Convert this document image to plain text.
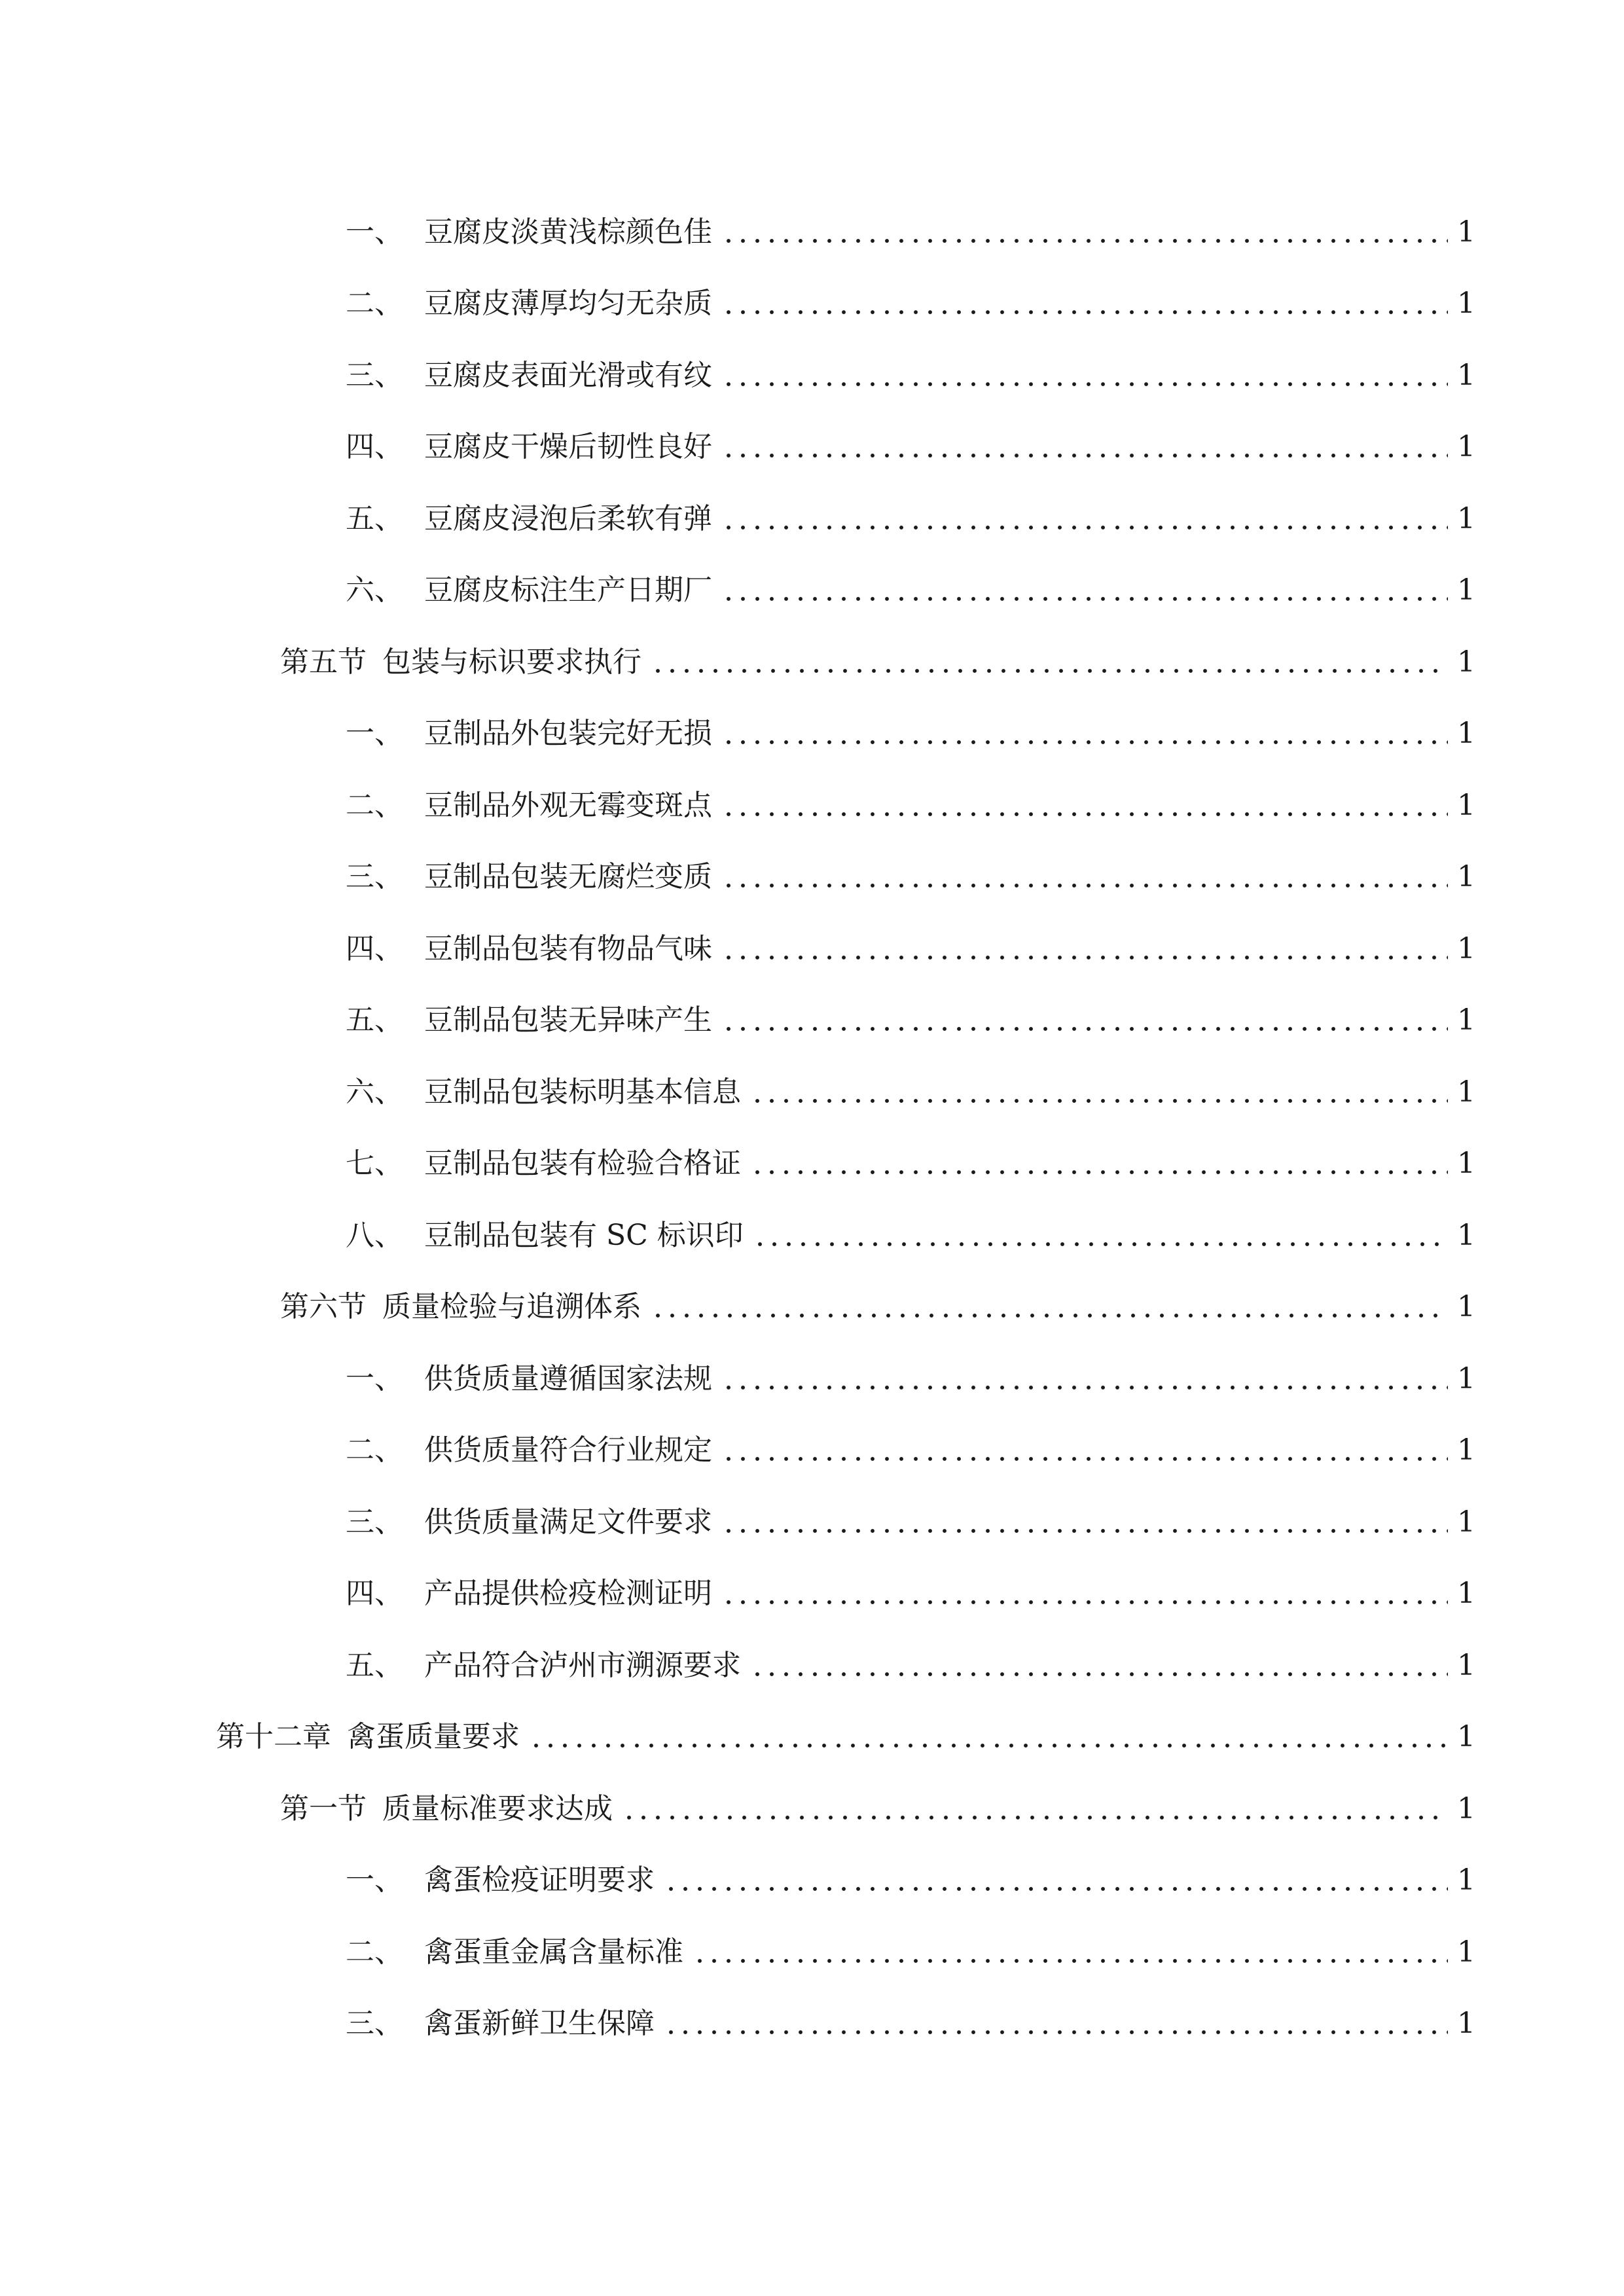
一、 豆腐皮淡黄浅棕颜色佳	1
二、 豆腐皮薄厚均匀无杂质	1
三、 豆腐皮表面光滑或有纹	1
四、 豆腐皮干燥后韧性良好	1
五、 豆腐皮浸泡后柔软有弹	1
六、 豆腐皮标注生产日期厂	1
第五节 包装与标识要求执行	1
一、 豆制品外包装完好无损	1
二、 豆制品外观无霉变斑点	1
三、 豆制品包装无腐烂变质	1
四、 豆制品包装有物品气味	1
五、 豆制品包装无异味产生	1
六、 豆制品包装标明基本信息	1
七、 豆制品包装有检验合格证	1
八、 豆制品包装有 SC 标识印	1
第六节 质量检验与追溯体系	1
一、 供货质量遵循国家法规	1
二、 供货质量符合行业规定	1
三、 供货质量满足文件要求	1
四、 产品提供检疫检测证明	1
五、 产品符合泸州市溯源要求	1
第十二章 禽蛋质量要求	1
第一节 质量标准要求达成	1
一、 禽蛋检疫证明要求	1
二、 禽蛋重金属含量标准	1
三、 禽蛋新鲜卫生保障	1
